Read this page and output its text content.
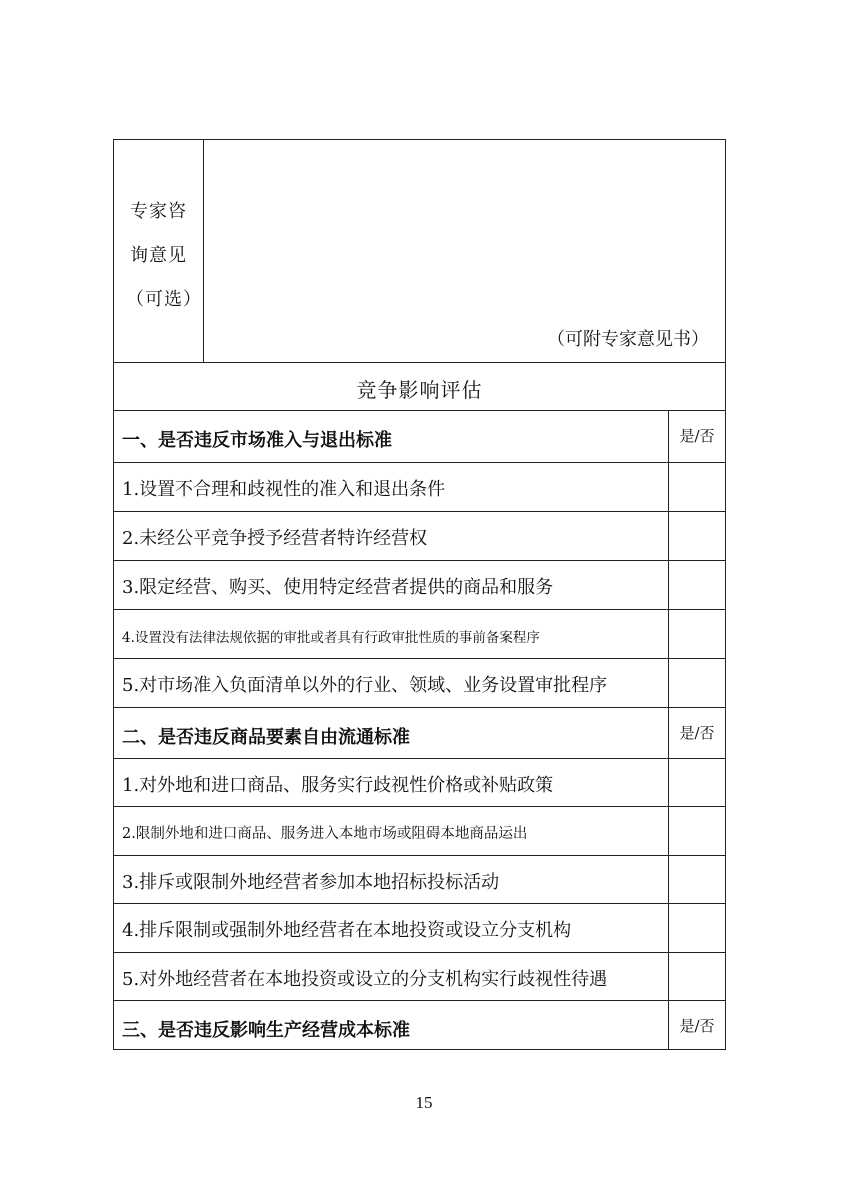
专家咨
询意见
（可选）
（可附专家意见书）
竞争影响评估
一、是否违反市场准入与退出标准	是/否
1.设置不合理和歧视性的准入和退出条件
2.未经公平竞争授予经营者特许经营权
3.限定经营、购买、使用特定经营者提供的商品和服务
4.设置没有法律法规依据的审批或者具有行政审批性质的事前备案程序
5.对市场准入负面清单以外的行业、领域、业务设置审批程序
二、是否违反商品要素自由流通标准	是/否
1.对外地和进口商品、服务实行歧视性价格或补贴政策
2.限制外地和进口商品、服务进入本地市场或阻碍本地商品运出
3.排斥或限制外地经营者参加本地招标投标活动
4.排斥限制或强制外地经营者在本地投资或设立分支机构
5.对外地经营者在本地投资或设立的分支机构实行歧视性待遇
三、是否违反影响生产经营成本标准	是/否
15
